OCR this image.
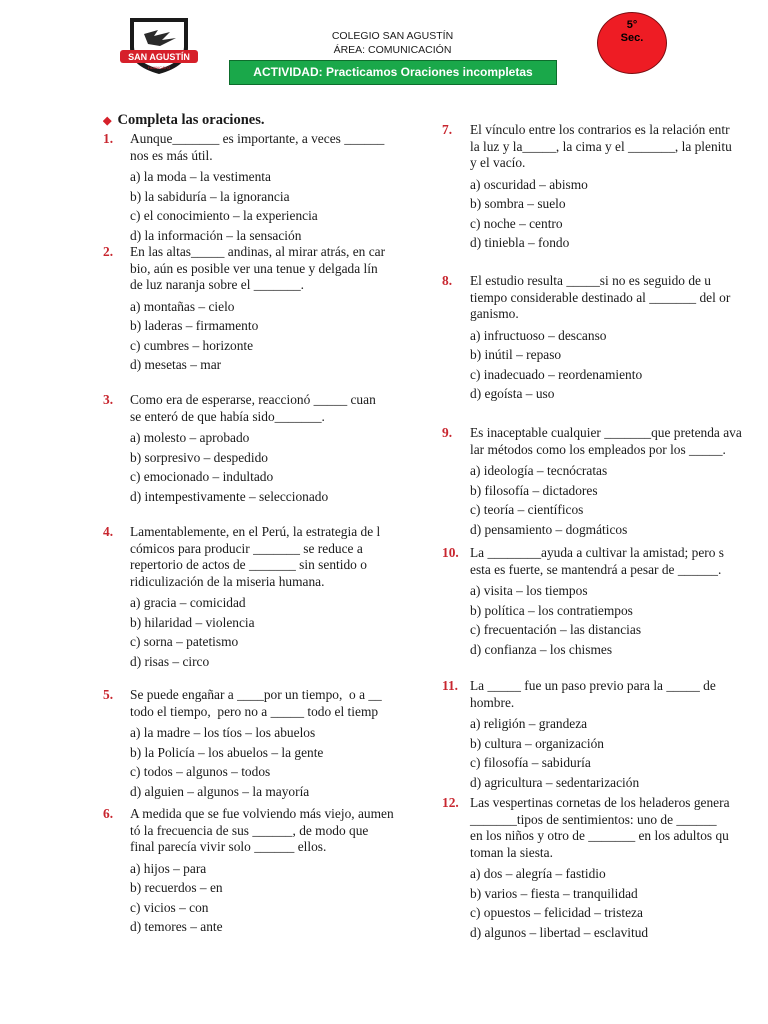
SAN AGUSTÍN
HUANCAYO
COLEGIO SAN AGUSTÍN
ÁREA: COMUNICACIÓN
ACTIVIDAD: Practicamos Oraciones incompletas
5°
Sec.
◆ Completa las oraciones.
1. Aunque_______ es importante, a veces ______
nos es más útil.
a) la moda – la vestimenta
b) la sabiduría – la ignorancia
c) el conocimiento – la experiencia
d) la información – la sensación
2. En las altas_____ andinas, al mirar atrás, en car
bio, aún es posible ver una tenue y delgada lín
de luz naranja sobre el _______.
a) montañas – cielo
b) laderas – firmamento
c) cumbres – horizonte
d) mesetas – mar
3. Como era de esperarse, reaccionó _____ cuan
se enteró de que había sido_______.
a) molesto – aprobado
b) sorpresivo – despedido
c) emocionado – indultado
d) intempestivamente – seleccionado
4. Lamentablemente, en el Perú, la estrategia de l
cómicos para producir _______ se reduce a
repertorio de actos de _______ sin sentido o
ridiculización de la miseria humana.
a) gracia – comicidad
b) hilaridad – violencia
c) sorna – patetismo
d) risas – circo
5. Se puede engañar a ____por un tiempo,  o a __
todo el tiempo,  pero no a _____ todo el tiemp
a) la madre – los tíos – los abuelos
b) la Policía – los abuelos – la gente
c) todos – algunos – todos
d) alguien – algunos – la mayoría
6. A medida que se fue volviendo más viejo, aumen
tó la frecuencia de sus ______, de modo que
final parecía vivir solo ______ ellos.
a) hijos – para
b) recuerdos – en
c) vicios – con
d) temores – ante
7. El vínculo entre los contrarios es la relación entr
la luz y la_____, la cima y el _______, la plenitu
y el vacío.
a) oscuridad – abismo
b) sombra – suelo
c) noche – centro
d) tiniebla – fondo
8. El estudio resulta _____si no es seguido de u
tiempo considerable destinado al _______ del or
ganismo.
a) infructuoso – descanso
b) inútil – repaso
c) inadecuado – reordenamiento
d) egoísta – uso
9. Es inaceptable cualquier _______que pretenda ava
lar métodos como los empleados por los _____.
a) ideología – tecnócratas
b) filosofía – dictadores
c) teoría – científicos
d) pensamiento – dogmáticos
10. La ________ayuda a cultivar la amistad; pero s
esta es fuerte, se mantendrá a pesar de ______.
a) visita – los tiempos
b) política – los contratiempos
c) frecuentación – las distancias
d) confianza – los chismes
11. La _____ fue un paso previo para la _____ de
hombre.
a) religión – grandeza
b) cultura – organización
c) filosofía – sabiduría
d) agricultura – sedentarización
12. Las vespertinas cornetas de los heladeros genera
_______tipos de sentimientos: uno de ______
en los niños y otro de _______ en los adultos qu
toman la siesta.
a) dos – alegría – fastidio
b) varios – fiesta – tranquilidad
c) opuestos – felicidad – tristeza
d) algunos – libertad – esclavitud
